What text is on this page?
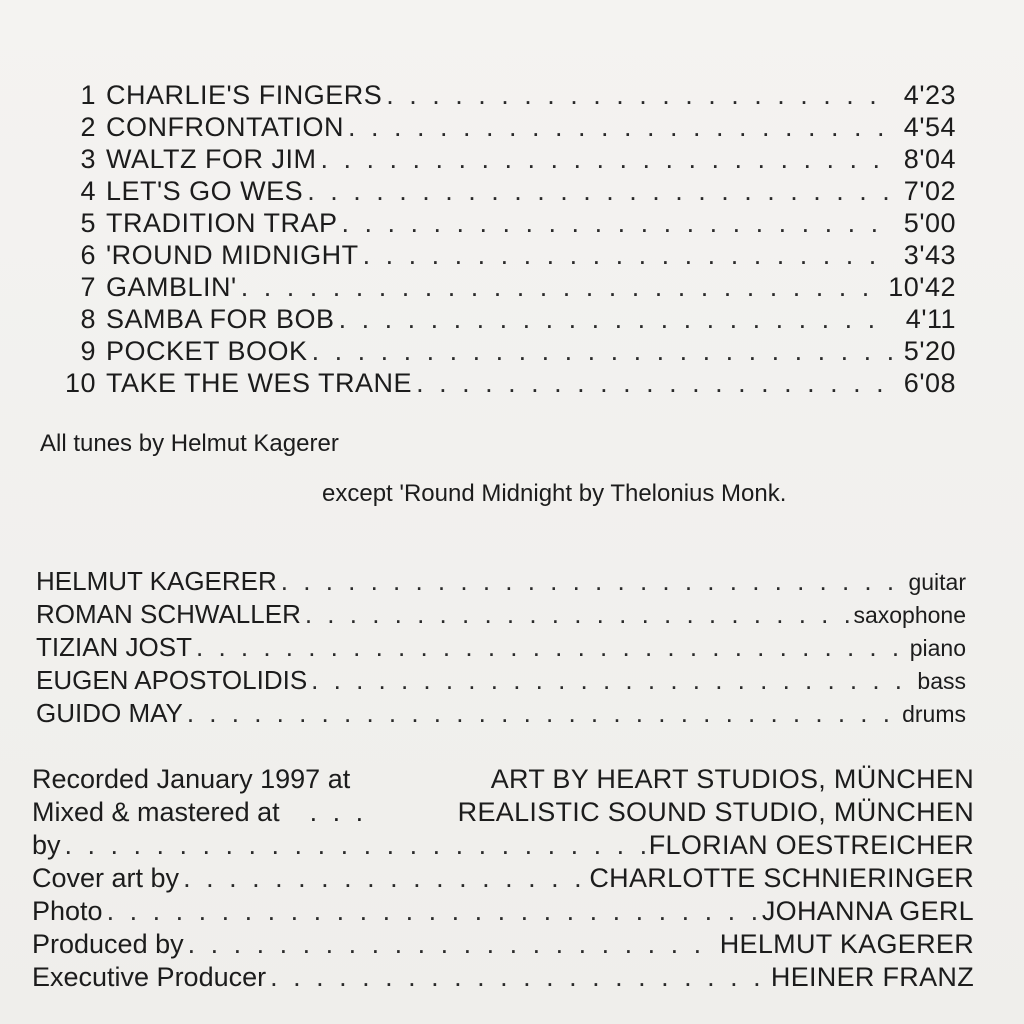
1 CHARLIE'S FINGERS . . .	4'23
2 CONFRONTATION . . .	4'54
3 WALTZ FOR JIM . . .	8'04
4 LET'S GO WES . . .	7'02
5 TRADITION TRAP . . .	5'00
6 'ROUND MIDNIGHT . . .	3'43
7 GAMBLIN' . . .	10'42
8 SAMBA FOR BOB . . .	4'11
9 POCKET BOOK . . .	5'20
10 TAKE THE WES TRANE . . .	6'08
All tunes by Helmut Kagerer
except 'Round Midnight by Thelonius Monk.
HELMUT KAGERER . . .	guitar
ROMAN SCHWALLER . . .	saxophone
TIZIAN JOST . . .	piano
EUGEN APOSTOLIDIS . . .	bass
GUIDO MAY . . .	drums
Recorded January 1997 at	ART BY HEART STUDIOS, MÜNCHEN
Mixed & mastered at . . .	REALISTIC SOUND STUDIO, MÜNCHEN
by . . .	FLORIAN OESTREICHER
Cover art by . . .	CHARLOTTE SCHNIERINGER
Photo . . .	JOHANNA GERL
Produced by . . .	HELMUT KAGERER
Executive Producer . . .	HEINER FRANZ
